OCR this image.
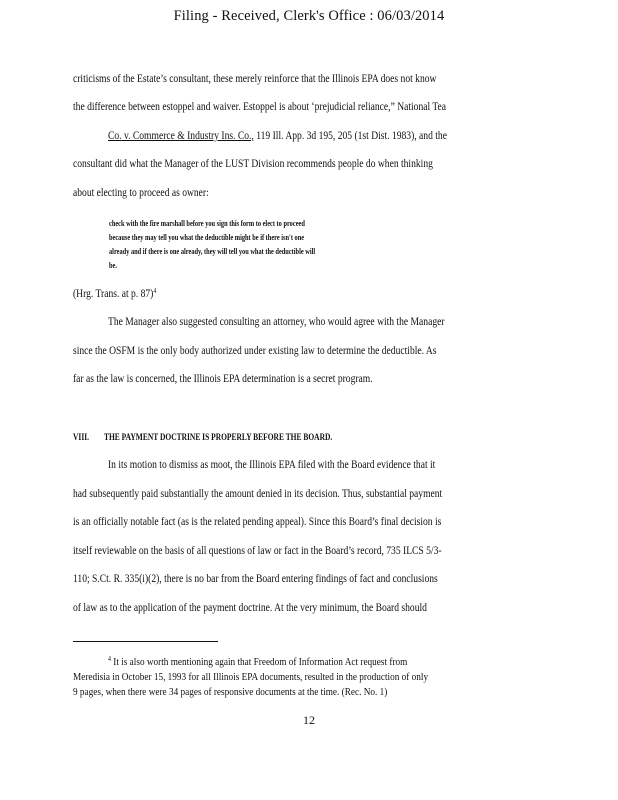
Filing - Received, Clerk's Office : 06/03/2014
criticisms of the Estate’s consultant, these merely reinforce that the Illinois EPA does not know
the difference between estoppel and waiver. Estoppel is about ‘prejudicial reliance,” National Tea
Co. v. Commerce & Industry Ins. Co., 119 Ill. App. 3d 195, 205 (1st Dist. 1983), and the
consultant did what the Manager of the LUST Division recommends people do when thinking
about electing to proceed as owner:
check with the fire marshall before you sign this form to elect to proceed
because they may tell you what the deductible might be if there isn't one
already and if there is one already, they will tell you what the deductible will
be.
(Hrg. Trans. at p. 87)$^4$
The Manager also suggested consulting an attorney, who would agree with the Manager
since the OSFM is the only body authorized under existing law to determine the deductible. As
far as the law is concerned, the Illinois EPA determination is a secret program.
VIII. THE PAYMENT DOCTRINE IS PROPERLY BEFORE THE BOARD.
In its motion to dismiss as moot, the Illinois EPA filed with the Board evidence that it
had subsequently paid substantially the amount denied in its decision. Thus, substantial payment
is an officially notable fact (as is the related pending appeal). Since this Board’s final decision is
itself reviewable on the basis of all questions of law or fact in the Board’s record, 735 ILCS 5/3-
110; S.Ct. R. 335(i)(2), there is no bar from the Board entering findings of fact and conclusions
of law as to the application of the payment doctrine. At the very minimum, the Board should
$^4$ It is also worth mentioning again that Freedom of Information Act request from
Meredisia in October 15, 1993 for all Illinois EPA documents, resulted in the production of only
9 pages, when there were 34 pages of responsive documents at the time. (Rec. No. 1)
12
